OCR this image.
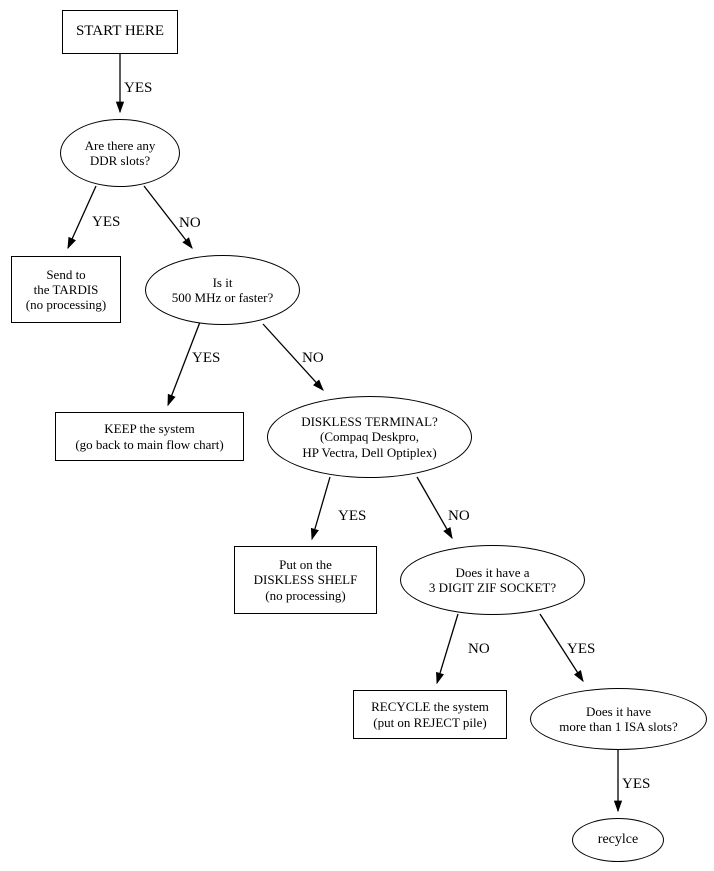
START HERE
Are there any
DDR slots?
Send to
the TARDIS
(no processing)
Is it
500 MHz or faster?
KEEP the system
(go back to main flow chart)
DISKLESS TERMINAL?
(Compaq Deskpro,
HP Vectra, Dell Optiplex)
Put on the
DISKLESS SHELF
(no processing)
Does it have a
3 DIGIT ZIF SOCKET?
RECYCLE the system
(put on REJECT pile)
Does it have
more than 1 ISA slots?
recylce
YES
YES	NO
YES	NO
YES	NO
NO	YES
YES
